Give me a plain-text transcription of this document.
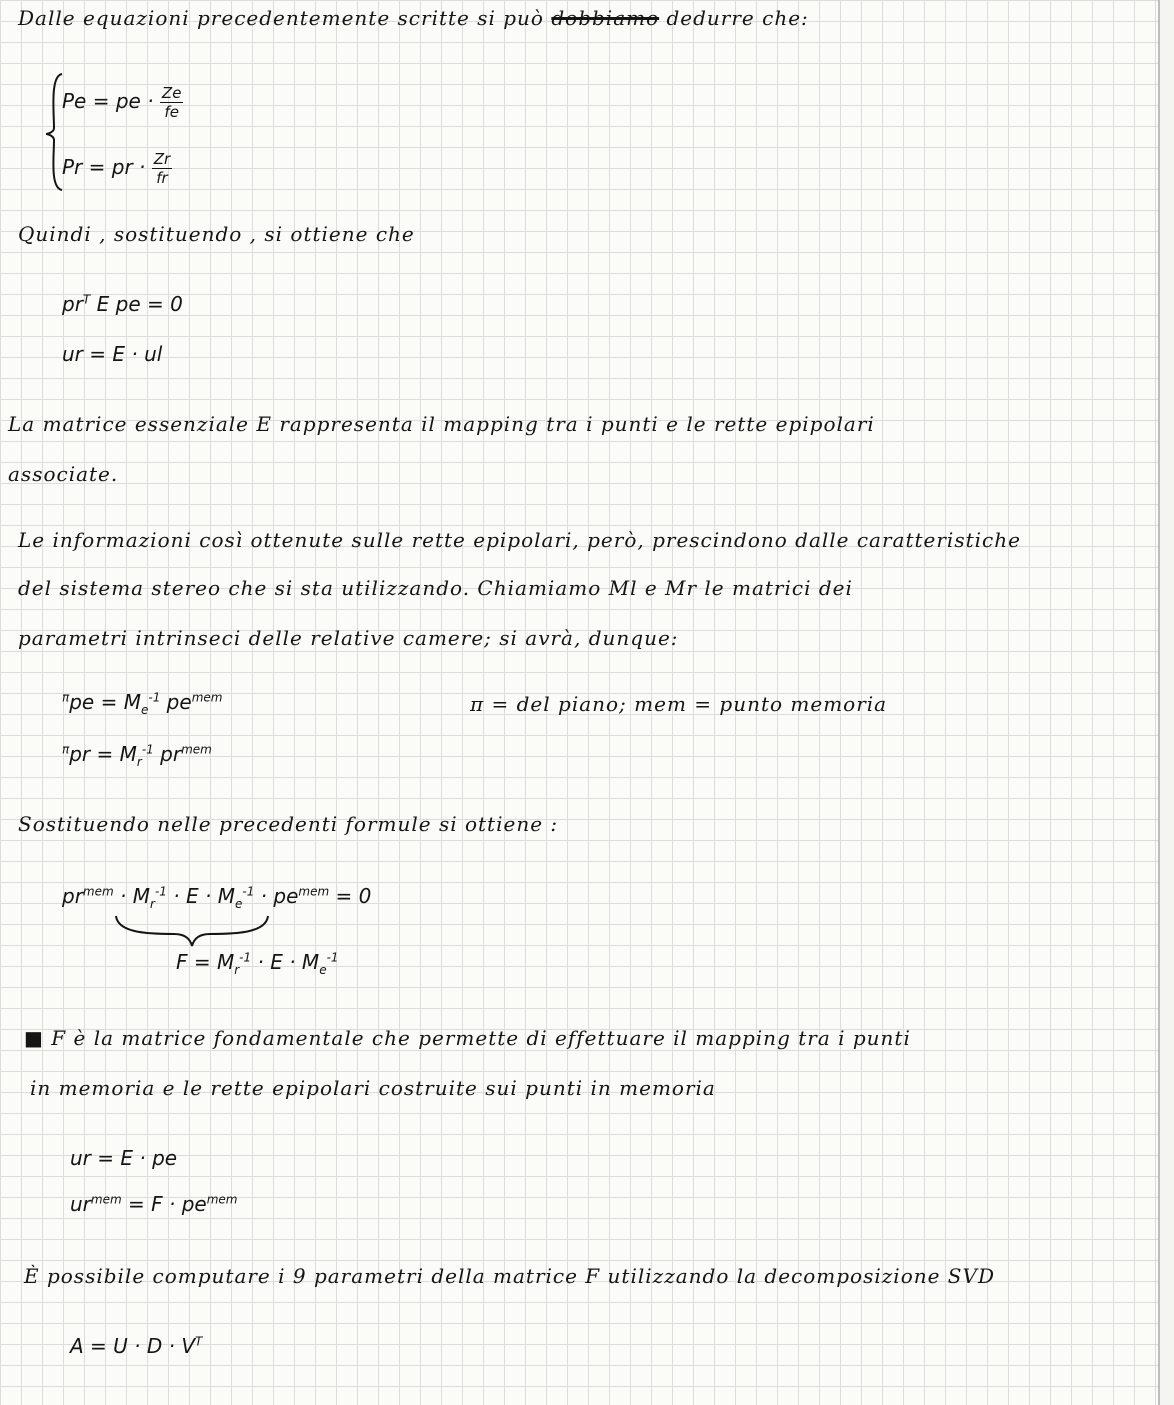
Dalle equazioni precedentemente scritte si può dobbiamo dedurre che:
Pe = pe · $\frac{Ze}{fe}$
Pr = pr · $\frac{Zr}{fr}$
Quindi , sostituendo , si ottiene che
$pr^T$ E pe = 0
ur = E · ul
La matrice essenziale E rappresenta il mapping tra i punti e le rette epipolari
associate.
Le informazioni così ottenute sulle rette epipolari, però, prescindono dalle caratteristiche
del sistema stereo che si sta utilizzando. Chiamiamo Ml e Mr le matrici dei
parametri intrinseci delle relative camere; si avrà, dunque:
$^\pi pe = M_e^{-1}$ $pe^{mem}$	π = del piano; mem = punto memoria
$^\pi pr = M_r^{-1}$ $pr^{mem}$
Sostituendo nelle precedenti formule si ottiene :
$pr^{mem} \cdot M_r^{-1} \cdot E \cdot M_e^{-1} \cdot pe^{mem} = 0$
$F = M_r^{-1} \cdot E \cdot M_e^{-1}$
■ F è la matrice fondamentale che permette di effettuare il mapping tra i punti
in memoria e le rette epipolari costruite sui punti in memoria
ur = E · pe
$ur^{mem} = F \cdot pe^{mem}$
È possibile computare i 9 parametri della matrice F utilizzando la decomposizione SVD
$A = U \cdot D \cdot V^T$
